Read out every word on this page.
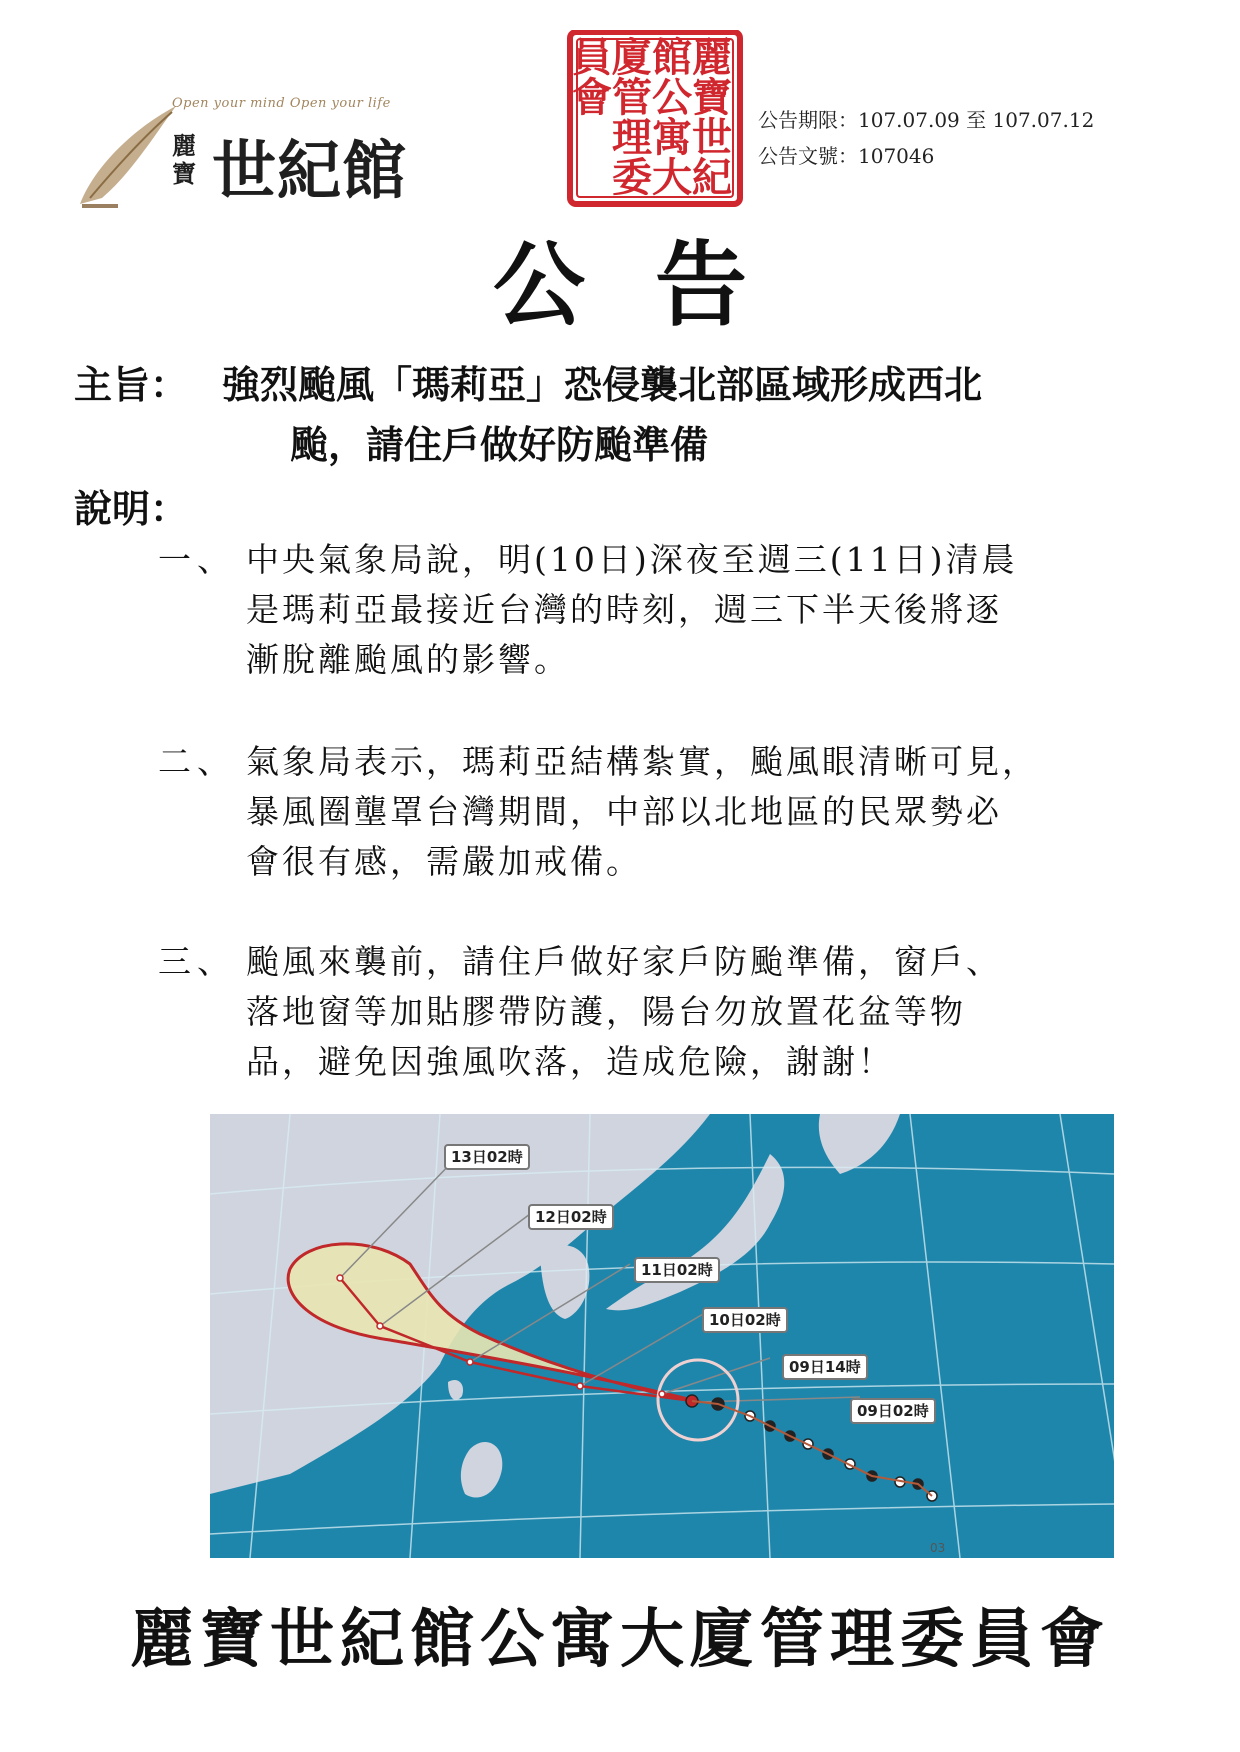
Open your mind Open your life
麗
寶 世紀館
麗
寶
世
紀
館
公
寓
大
廈
管
理
委
員
會	公告期限：107.07.09 至 107.07.12
公告文號：107046
公告
主旨： 強烈颱風「瑪莉亞」恐侵襲北部區域形成西北
颱，請住戶做好防颱準備
說明：
一、 中央氣象局說，明(10日)深夜至週三(11日)清晨
是瑪莉亞最接近台灣的時刻，週三下半天後將逐
漸脫離颱風的影響。
二、 氣象局表示，瑪莉亞結構紮實，颱風眼清晰可見，
暴風圈壟罩台灣期間，中部以北地區的民眾勢必
會很有感，需嚴加戒備。
三、 颱風來襲前，請住戶做好家戶防颱準備，窗戶、
落地窗等加貼膠帶防護，陽台勿放置花盆等物
品，避免因強風吹落，造成危險，謝謝！
03
13日02時
12日02時
11日02時
10日02時
09日14時
09日02時
麗寶世紀館公寓大廈管理委員會
